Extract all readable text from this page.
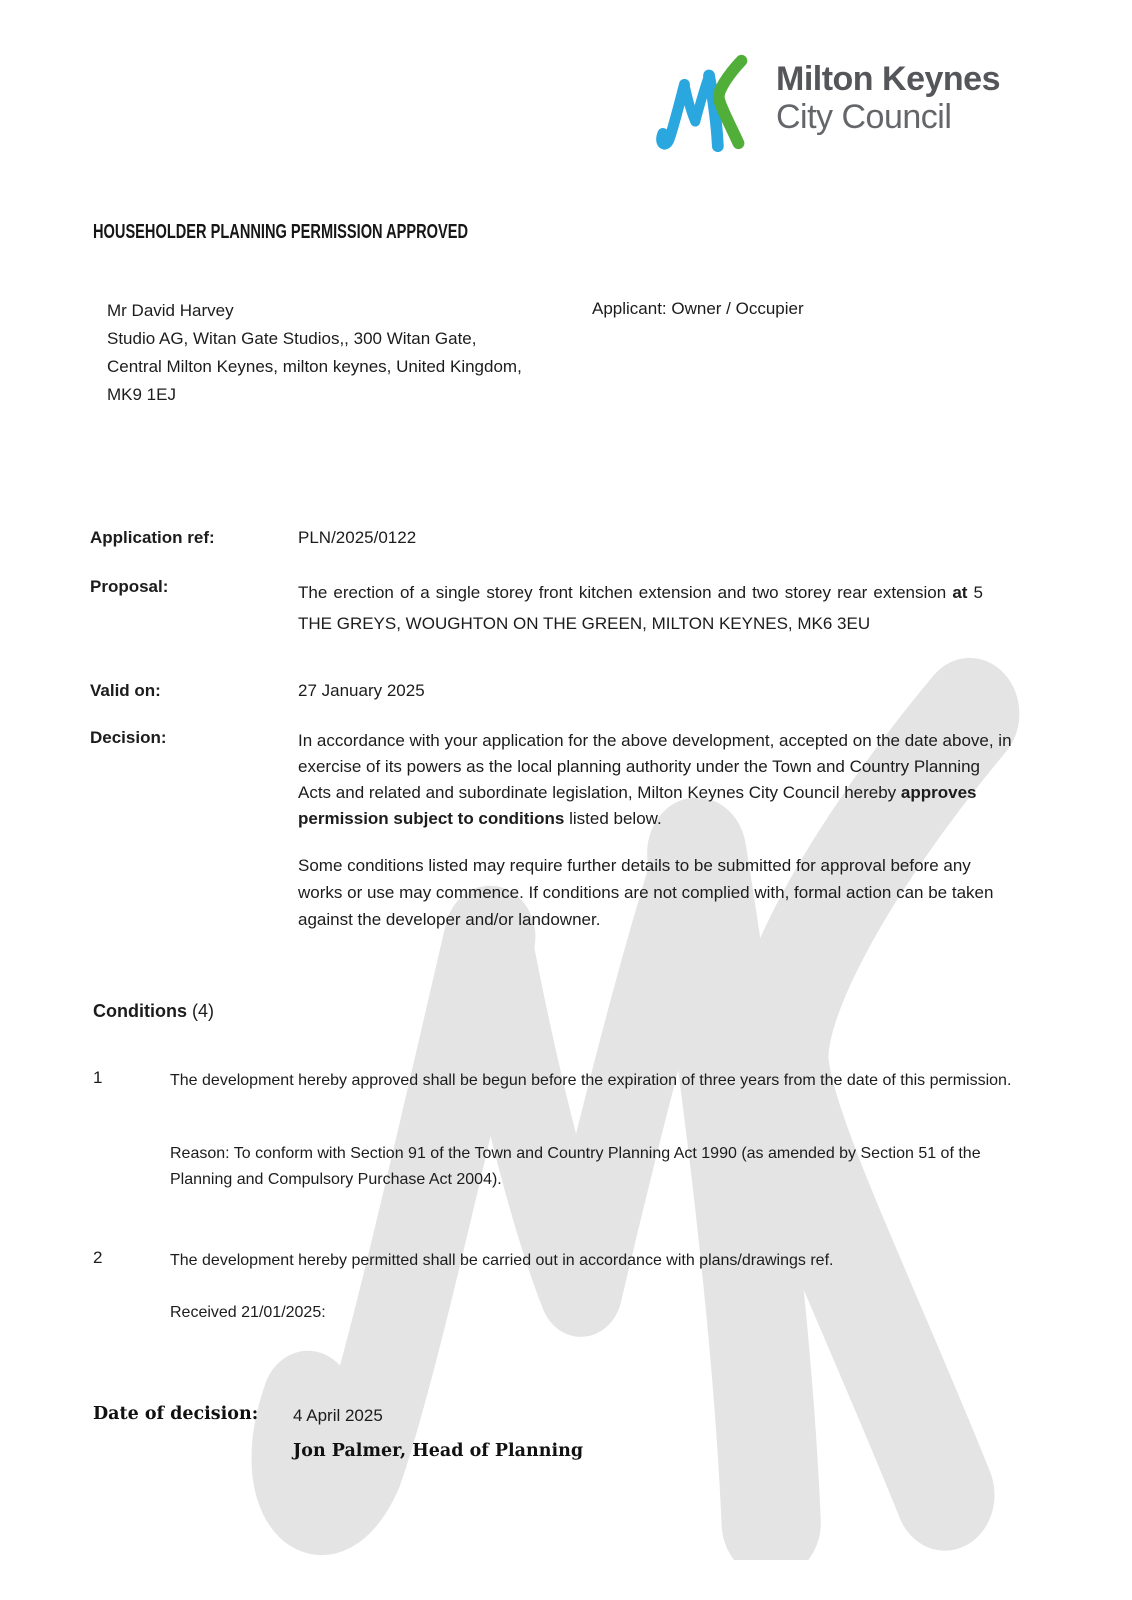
Milton Keynes
City Council
HOUSEHOLDER PLANNING PERMISSION APPROVED
Mr David Harvey
Studio AG, Witan Gate Studios,, 300 Witan Gate,
Central Milton Keynes, milton keynes, United Kingdom,
MK9 1EJ
Applicant: Owner / Occupier
Application ref:	PLN/2025/0122
Proposal:	The erection of a single storey front kitchen extension and two storey rear extension at 5 THE GREYS, WOUGHTON ON THE GREEN, MILTON KEYNES, MK6 3EU
Valid on:	27 January 2025
Decision:	In accordance with your application for the above development, accepted on the date above, in exercise of its powers as the local planning authority under the Town and Country Planning Acts and related and subordinate legislation, Milton Keynes City Council hereby approves permission subject to conditions listed below.
Some conditions listed may require further details to be submitted for approval before any works or use may commence. If conditions are not complied with, formal action can be taken against the developer and/or landowner.
Conditions (4)
1	The development hereby approved shall be begun before the expiration of three years from the date of this permission.
Reason: To conform with Section 91 of the Town and Country Planning Act 1990 (as amended by Section 51 of the Planning and Compulsory Purchase Act 2004).
2	The development hereby permitted shall be carried out in accordance with plans/drawings ref.
Received 21/01/2025:
Date of decision: 4 April 2025
Jon Palmer, Head of Planning
